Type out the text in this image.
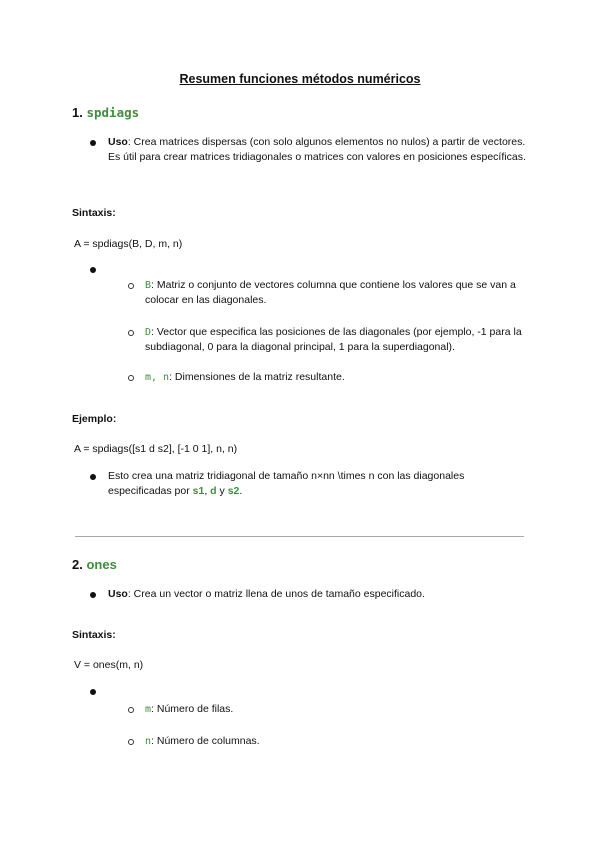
Resumen funciones métodos numéricos
1. spdiags
Uso: Crea matrices dispersas (con solo algunos elementos no nulos) a partir de vectores. Es útil para crear matrices tridiagonales o matrices con valores en posiciones específicas.
Sintaxis:
A = spdiags(B, D, m, n)
B: Matriz o conjunto de vectores columna que contiene los valores que se van a colocar en las diagonales.
D: Vector que especifica las posiciones de las diagonales (por ejemplo, -1 para la subdiagonal, 0 para la diagonal principal, 1 para la superdiagonal).
m, n: Dimensiones de la matriz resultante.
Ejemplo:
A = spdiags([s1 d s2], [-1 0 1], n, n)
Esto crea una matriz tridiagonal de tamaño n×nn \times n con las diagonales especificadas por s1, d y s2.
2. ones
Uso: Crea un vector o matriz llena de unos de tamaño especificado.
Sintaxis:
V = ones(m, n)
m: Número de filas.
n: Número de columnas.
